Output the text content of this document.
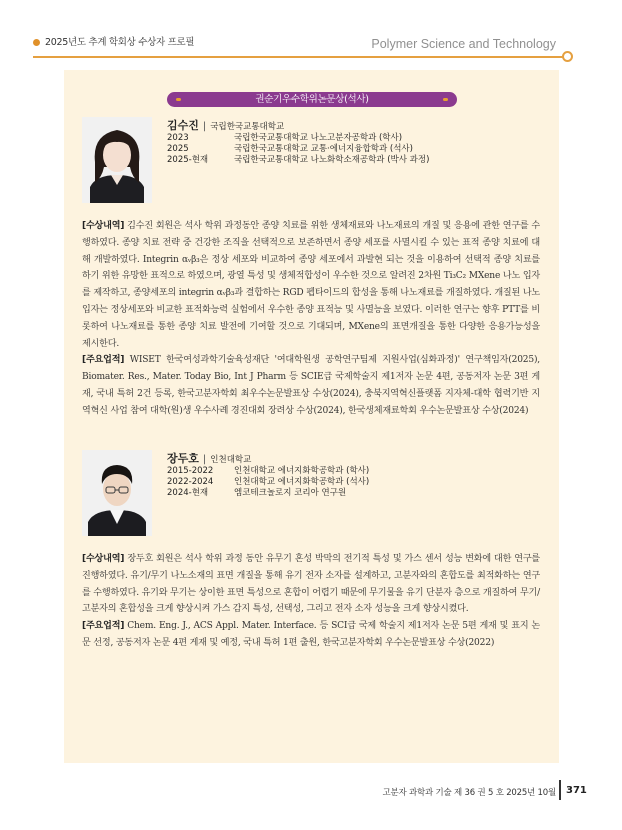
2025년도 추계 학회상 수상자 프로필	Polymer Science and Technology
권순기우수학위논문상(석사)
김수진 | 국립한국교통대학교
2023	국립한국교통대학교 나노고분자공학과 (학사)
2025	국립한국교통대학교 교통·에너지융합학과 (석사)
2025-현재	국립한국교통대학교 나노화학소재공학과 (박사 과정)

[수상내역] 김수진 회원은 석사 학위 과정동안 종양 치료를 위한 생체재료와 나노재료의 개질 및 응용에 관한 연구를 수행하였다. 종양 치료 전략 중 건강한 조직을 선택적으로 보존하면서 종양 세포를 사멸시킬 수 있는 표적 종양 치료에 대해 개발하였다. Integrin αᵥβ₃은 정상 세포와 비교하여 종양 세포에서 과발현 되는 것을 이용하여 선택적 종양 치료를 하기 위한 유망한 표적으로 하였으며, 광열 특성 및 생체적합성이 우수한 것으로 알려진 2차원 Ti₃C₂ MXene 나노 입자를 제작하고, 종양세포의 integrin αᵥβ₃과 결합하는 RGD 펩타이드의 합성을 통해 나노재료를 개질하였다. 개질된 나노입자는 정상세포와 비교한 표적화능력 실험에서 우수한 종양 표적능 및 사멸능을 보였다. 이러한 연구는 향후 PTT를 비롯하여 나노재료를 통한 종양 치료 발전에 기여할 것으로 기대되며, MXene의 표면개질을 통한 다양한 응용가능성을 제시한다.

[주요업적] WISET 한국여성과학기술육성재단 '여대학원생 공학연구팀제 지원사업(심화과정)' 연구책임자(2025), Biomater. Res., Mater. Today Bio, Int J Pharm 등 SCIE급 국제학술지 제1저자 논문 4편, 공동저자 논문 3편 게재, 국내 특허 2건 등록, 한국고분자학회 최우수논문발표상 수상(2024), 충북지역혁신플랫폼 지자체-대학 협력기반 지역혁신 사업 참여 대학(원)생 우수사례 경진대회 장려상 수상(2024), 한국생체재료학회 우수논문발표상 수상(2024)

장두호 | 인천대학교
2015-2022 인천대학교 에너지화학공학과 (학사)
2022-2024 인천대학교 에너지화학공학과 (석사)
2024-현재	엠코테크놀로지 코리아 연구원

[수상내역] 장두호 회원은 석사 학위 과정 동안 유무기 혼성 박막의 전기적 특성 및 가스 센서 성능 변화에 대한 연구를 진행하였다. 유기/무기 나노소재의 표면 개질을 통해 유기 전자 소자를 설계하고, 고분자와의 혼합도를 최적화하는 연구를 수행하였다. 유기와 무기는 상이한 표면 특성으로 혼합이 어렵기 때문에 무기물을 유기 단분자 층으로 개질하여 무기/고분자의 혼합성을 크게 향상시켜 가스 감지 특성, 선택성, 그리고 전자 소자 성능을 크게 향상시켰다.

[주요업적] Chem. Eng. J., ACS Appl. Mater. Interface. 등 SCI급 국제 학술지 제1저자 논문 5편 게재 및 표지 논문 선정, 공동저자 논문 4편 게재 및 예정, 국내 특허 1편 출원, 한국고분자학회 우수논문발표상 수상(2022)

고분자 과학과 기술 제 36 권 5 호 2025년 10월 371
